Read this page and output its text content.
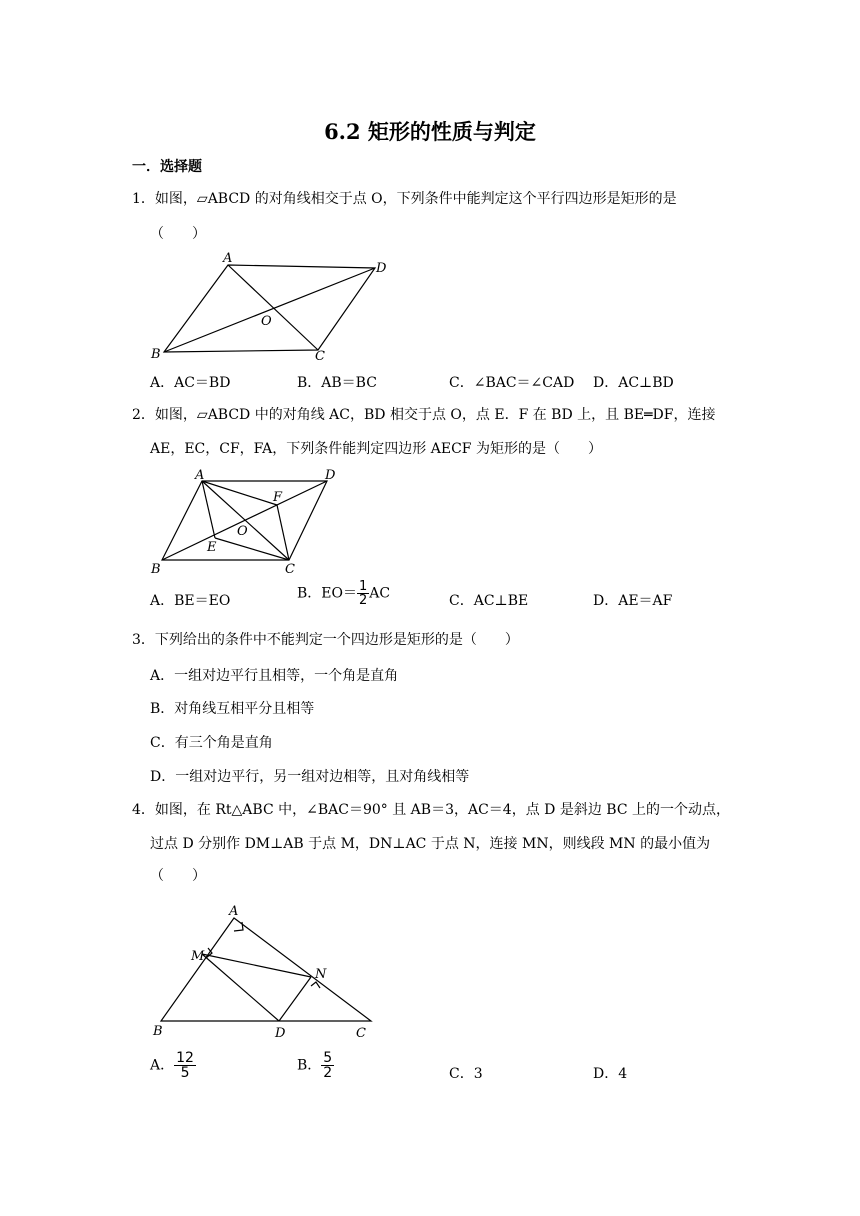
6.2 矩形的性质与判定
一．选择题
1．如图，▱ABCD 的对角线相交于点 O，下列条件中能判定这个平行四边形是矩形的是
（　　）
A
D
O
B	C
A．AC＝BD	B．AB＝BC	C．∠BAC＝∠CAD D．AC⊥BD
2．如图，▱ABCD 中的对角线 AC，BD 相交于点 O，点 E．F 在 BD 上，且 BE═DF，连接
AE，EC，CF，FA，下列条件能判定四边形 AECF 为矩形的是（　　）
A	D
F
O
E
B	C
A．BE＝EO	B．$EO= \frac{1}{2}$ AC	C．AC⊥BE	D．AE＝AF
3．下列给出的条件中不能判定一个四边形是矩形的是（　　）
A．一组对边平行且相等，一个角是直角
B．对角线互相平分且相等
C．有三个角是直角
D．一组对边平行，另一组对边相等，且对角线相等
4．如图，在 Rt△ABC 中，∠BAC＝90° 且 AB＝3，AC＝4，点 D 是斜边 BC 上的一个动点，
过点 D 分别作 DM⊥AB 于点 M，DN⊥AC 于点 N，连接 MN，则线段 MN 的最小值为
（　　）
A
M
N
B	D	C
A． $\frac{12}{5}$	B． $\frac{5}{2}$	C．3	D．4
